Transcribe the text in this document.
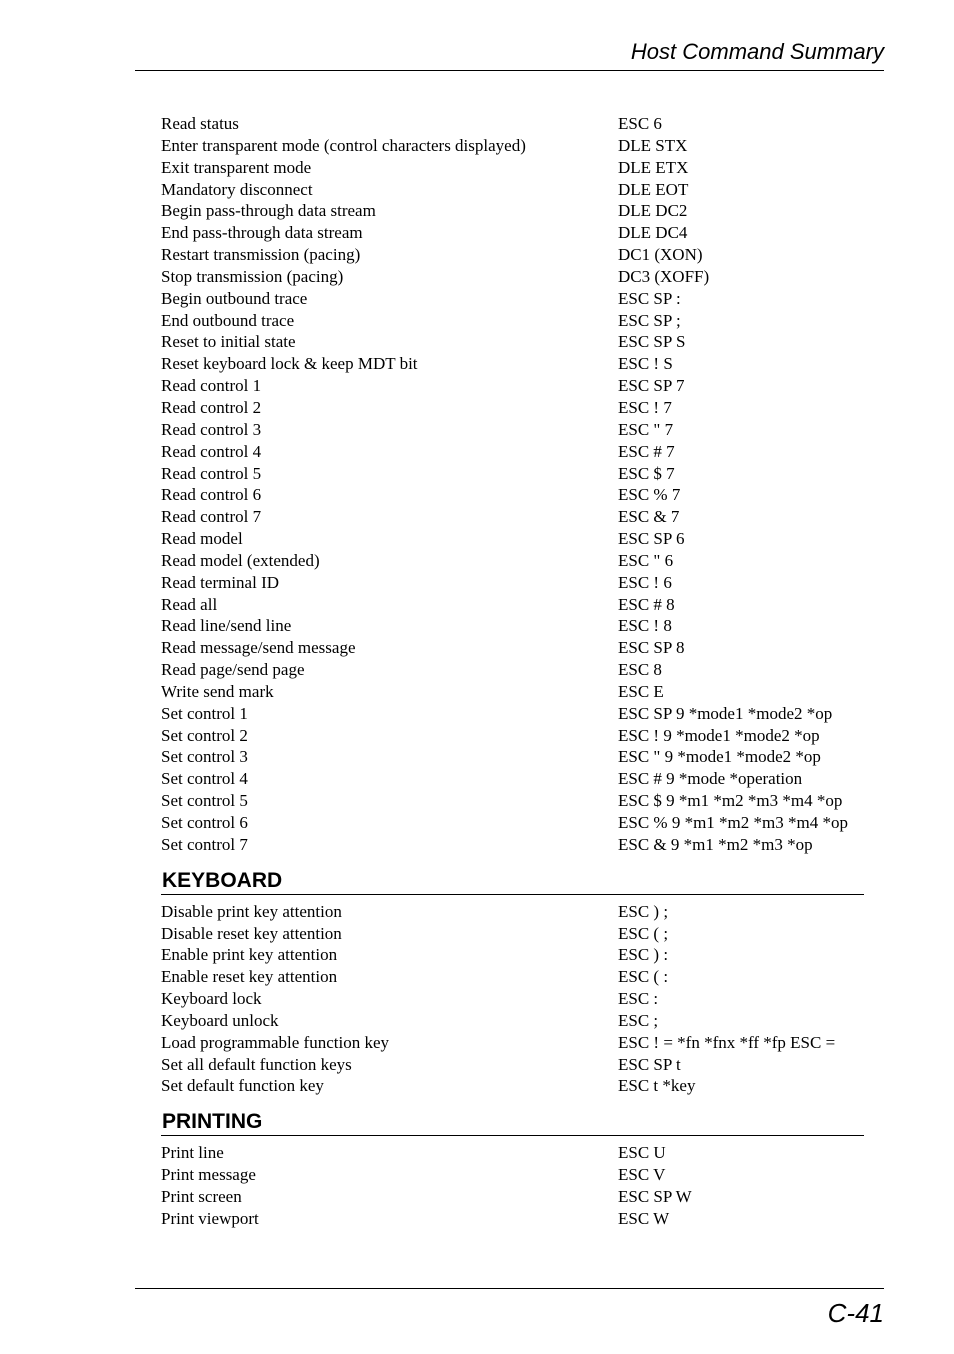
Host Command Summary
Read status	ESC 6
Enter transparent mode (control characters displayed)	DLE STX
Exit transparent mode	DLE ETX
Mandatory disconnect	DLE EOT
Begin pass-through data stream	DLE DC2
End pass-through data stream	DLE DC4
Restart transmission (pacing)	DC1 (XON)
Stop transmission (pacing)	DC3 (XOFF)
Begin outbound trace	ESC SP :
End outbound trace	ESC SP ;
Reset to initial state	ESC SP S
Reset keyboard lock & keep MDT bit	ESC ! S
Read control 1	ESC SP 7
Read control 2	ESC ! 7
Read control 3	ESC " 7
Read control 4	ESC # 7
Read control 5	ESC $ 7
Read control 6	ESC % 7
Read control 7	ESC & 7
Read model	ESC SP 6
Read model (extended)	ESC " 6
Read terminal ID	ESC ! 6
Read all	ESC # 8
Read line/send line	ESC ! 8
Read message/send message	ESC SP 8
Read page/send page	ESC 8
Write send mark	ESC E
Set control 1	ESC SP 9 *mode1 *mode2 *op
Set control 2	ESC ! 9 *mode1 *mode2 *op
Set control 3	ESC " 9 *mode1 *mode2 *op
Set control 4	ESC # 9 *mode *operation
Set control 5	ESC $ 9 *m1 *m2 *m3 *m4 *op
Set control 6	ESC % 9 *m1 *m2 *m3 *m4 *op
Set control 7	ESC & 9 *m1 *m2 *m3 *op
KEYBOARD
Disable print key attention	ESC ) ;
Disable reset key attention	ESC ( ;
Enable print key attention	ESC ) :
Enable reset key attention	ESC ( :
Keyboard lock	ESC :
Keyboard unlock	ESC ;
Load programmable function key	ESC ! = *fn *fnx *ff *fp ESC =
Set all default function keys	ESC SP t
Set default function key	ESC t *key
PRINTING
Print line	ESC U
Print message	ESC V
Print screen	ESC SP W
Print viewport	ESC W
C-41
